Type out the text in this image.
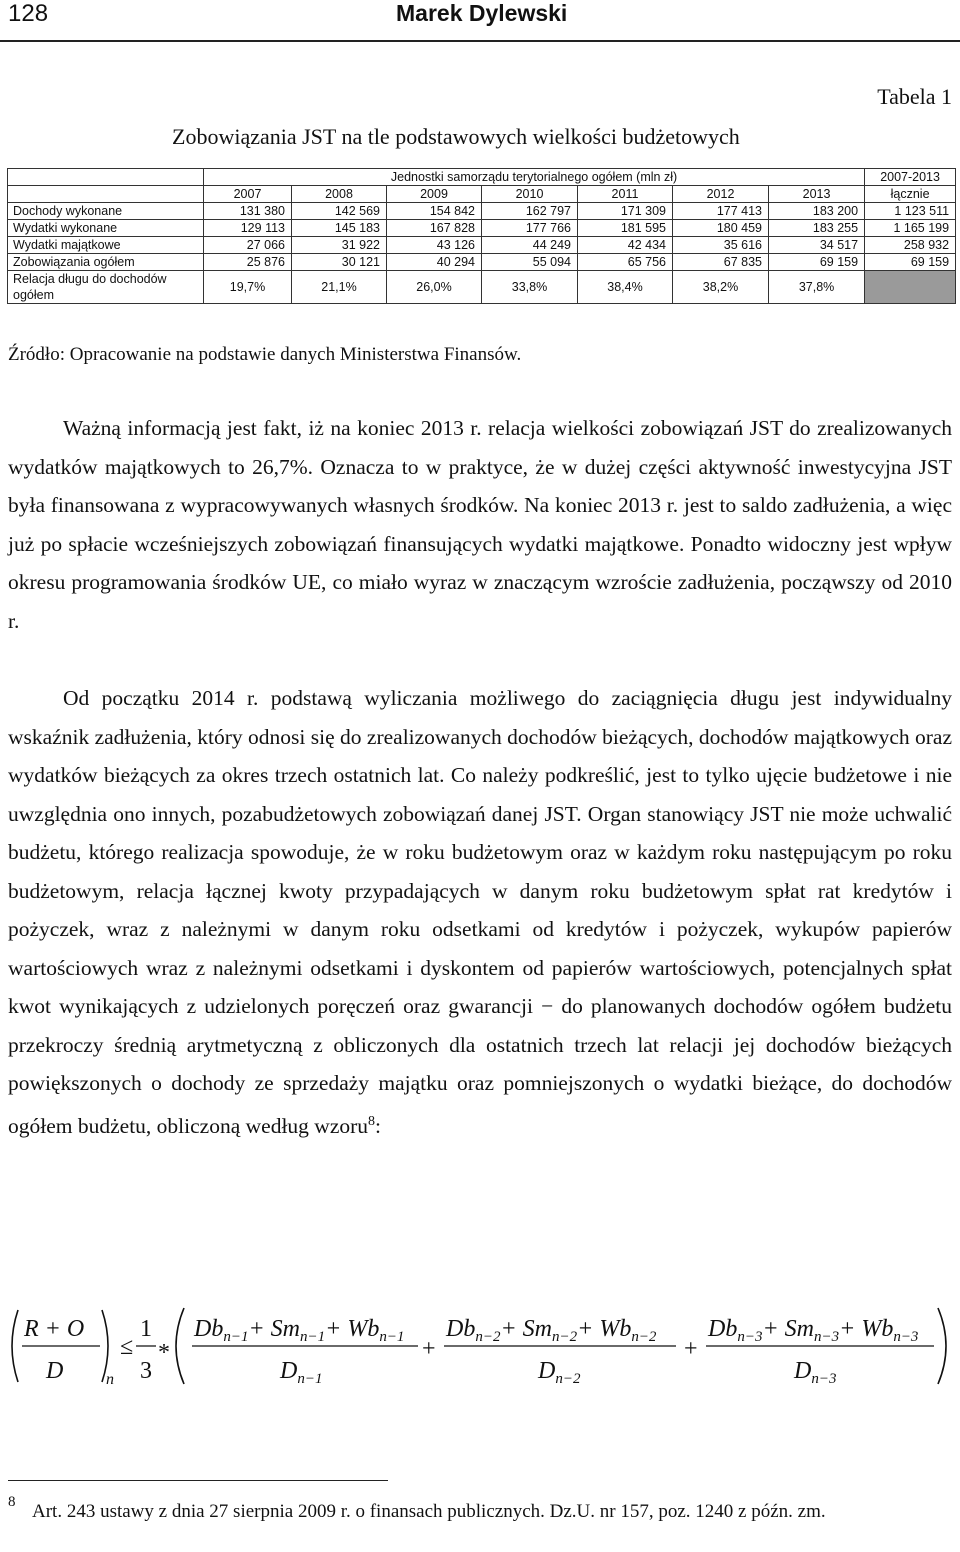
128	Marek Dylewski
Tabela 1
Zobowiązania JST na tle podstawowych wielkości budżetowych
	Jednostki samorządu terytorialnego ogółem (mln zł)							2007-2013
	2007	2008	2009	2010	2011	2012	2013	łącznie
Dochody wykonane	131 380	142 569	154 842	162 797	171 309	177 413	183 200	1 123 511
Wydatki wykonane	129 113	145 183	167 828	177 766	181 595	180 459	183 255	1 165 199
Wydatki majątkowe	27 066	31 922	43 126	44 249	42 434	35 616	34 517	258 932
Zobowiązania ogółem	25 876	30 121	40 294	55 094	65 756	67 835	69 159	69 159
Relacja długu do dochodów ogółem	19,7%	21,1%	26,0%	33,8%	38,4%	38,2%	37,8%	
Źródło: Opracowanie na podstawie danych Ministerstwa Finansów.

Ważną informacją jest fakt, iż na koniec 2013 r. relacja wielkości zobowiązań JST do zrealizowanych wydatków majątkowych to 26,7%. Oznacza to w praktyce, że w dużej części aktywność inwestycyjna JST była finansowana z wypracowywanych własnych środków. Na koniec 2013 r. jest to saldo zadłużenia, a więc już po spłacie wcześniejszych zobowiązań finansujących wydatki majątkowe. Ponadto widoczny jest wpływ okresu programowania środków UE, co miało wyraz w znaczącym wzroście zadłużenia, począwszy od 2010 r.

Od początku 2014 r. podstawą wyliczania możliwego do zaciągnięcia długu jest indywidualny wskaźnik zadłużenia, który odnosi się do zrealizowanych dochodów bieżących, dochodów majątkowych oraz wydatków bieżących za okres trzech ostatnich lat. Co należy podkreślić, jest to tylko ujęcie budżetowe i nie uwzględnia ono innych, pozabudżetowych zobowiązań danej JST. Organ stanowiący JST nie może uchwalić budżetu, którego realizacja spowoduje, że w roku budżetowym oraz w każdym roku następującym po roku budżetowym, relacja łącznej kwoty przypadających w danym roku budżetowym spłat rat kredytów i pożyczek, wraz z należnymi w danym roku odsetkami od kredytów i pożyczek, wykupów papierów wartościowych wraz z należnymi odsetkami i dyskontem od papierów wartościowych, potencjalnych spłat kwot wynikających z udzielonych poręczeń oraz gwarancji − do planowanych dochodów ogółem budżetu przekroczy średnią arytmetyczną z obliczonych dla ostatnich trzech lat relacji jej dochodów bieżących powiększonych o dochody ze sprzedaży majątku oraz pomniejszonych o wydatki bieżące, do dochodów ogółem budżetu, obliczoną według wzoru$^8$:

R + O
D	n
≤
1
3
*
$Db_{n-1}+ Sm_{n-1}+ Wb_{n-1}$
$D_{n-1}$
+
$Db_{n-2}+ Sm_{n-2}+ Wb_{n-2}$
$D_{n-2}$
+
$Db_{n-3}+ Sm_{n-3}+ Wb_{n-3}$
$D_{n-3}$
8 Art. 243 ustawy z dnia 27 sierpnia 2009 r. o finansach publicznych. Dz.U. nr 157, poz. 1240 z późn. zm.
